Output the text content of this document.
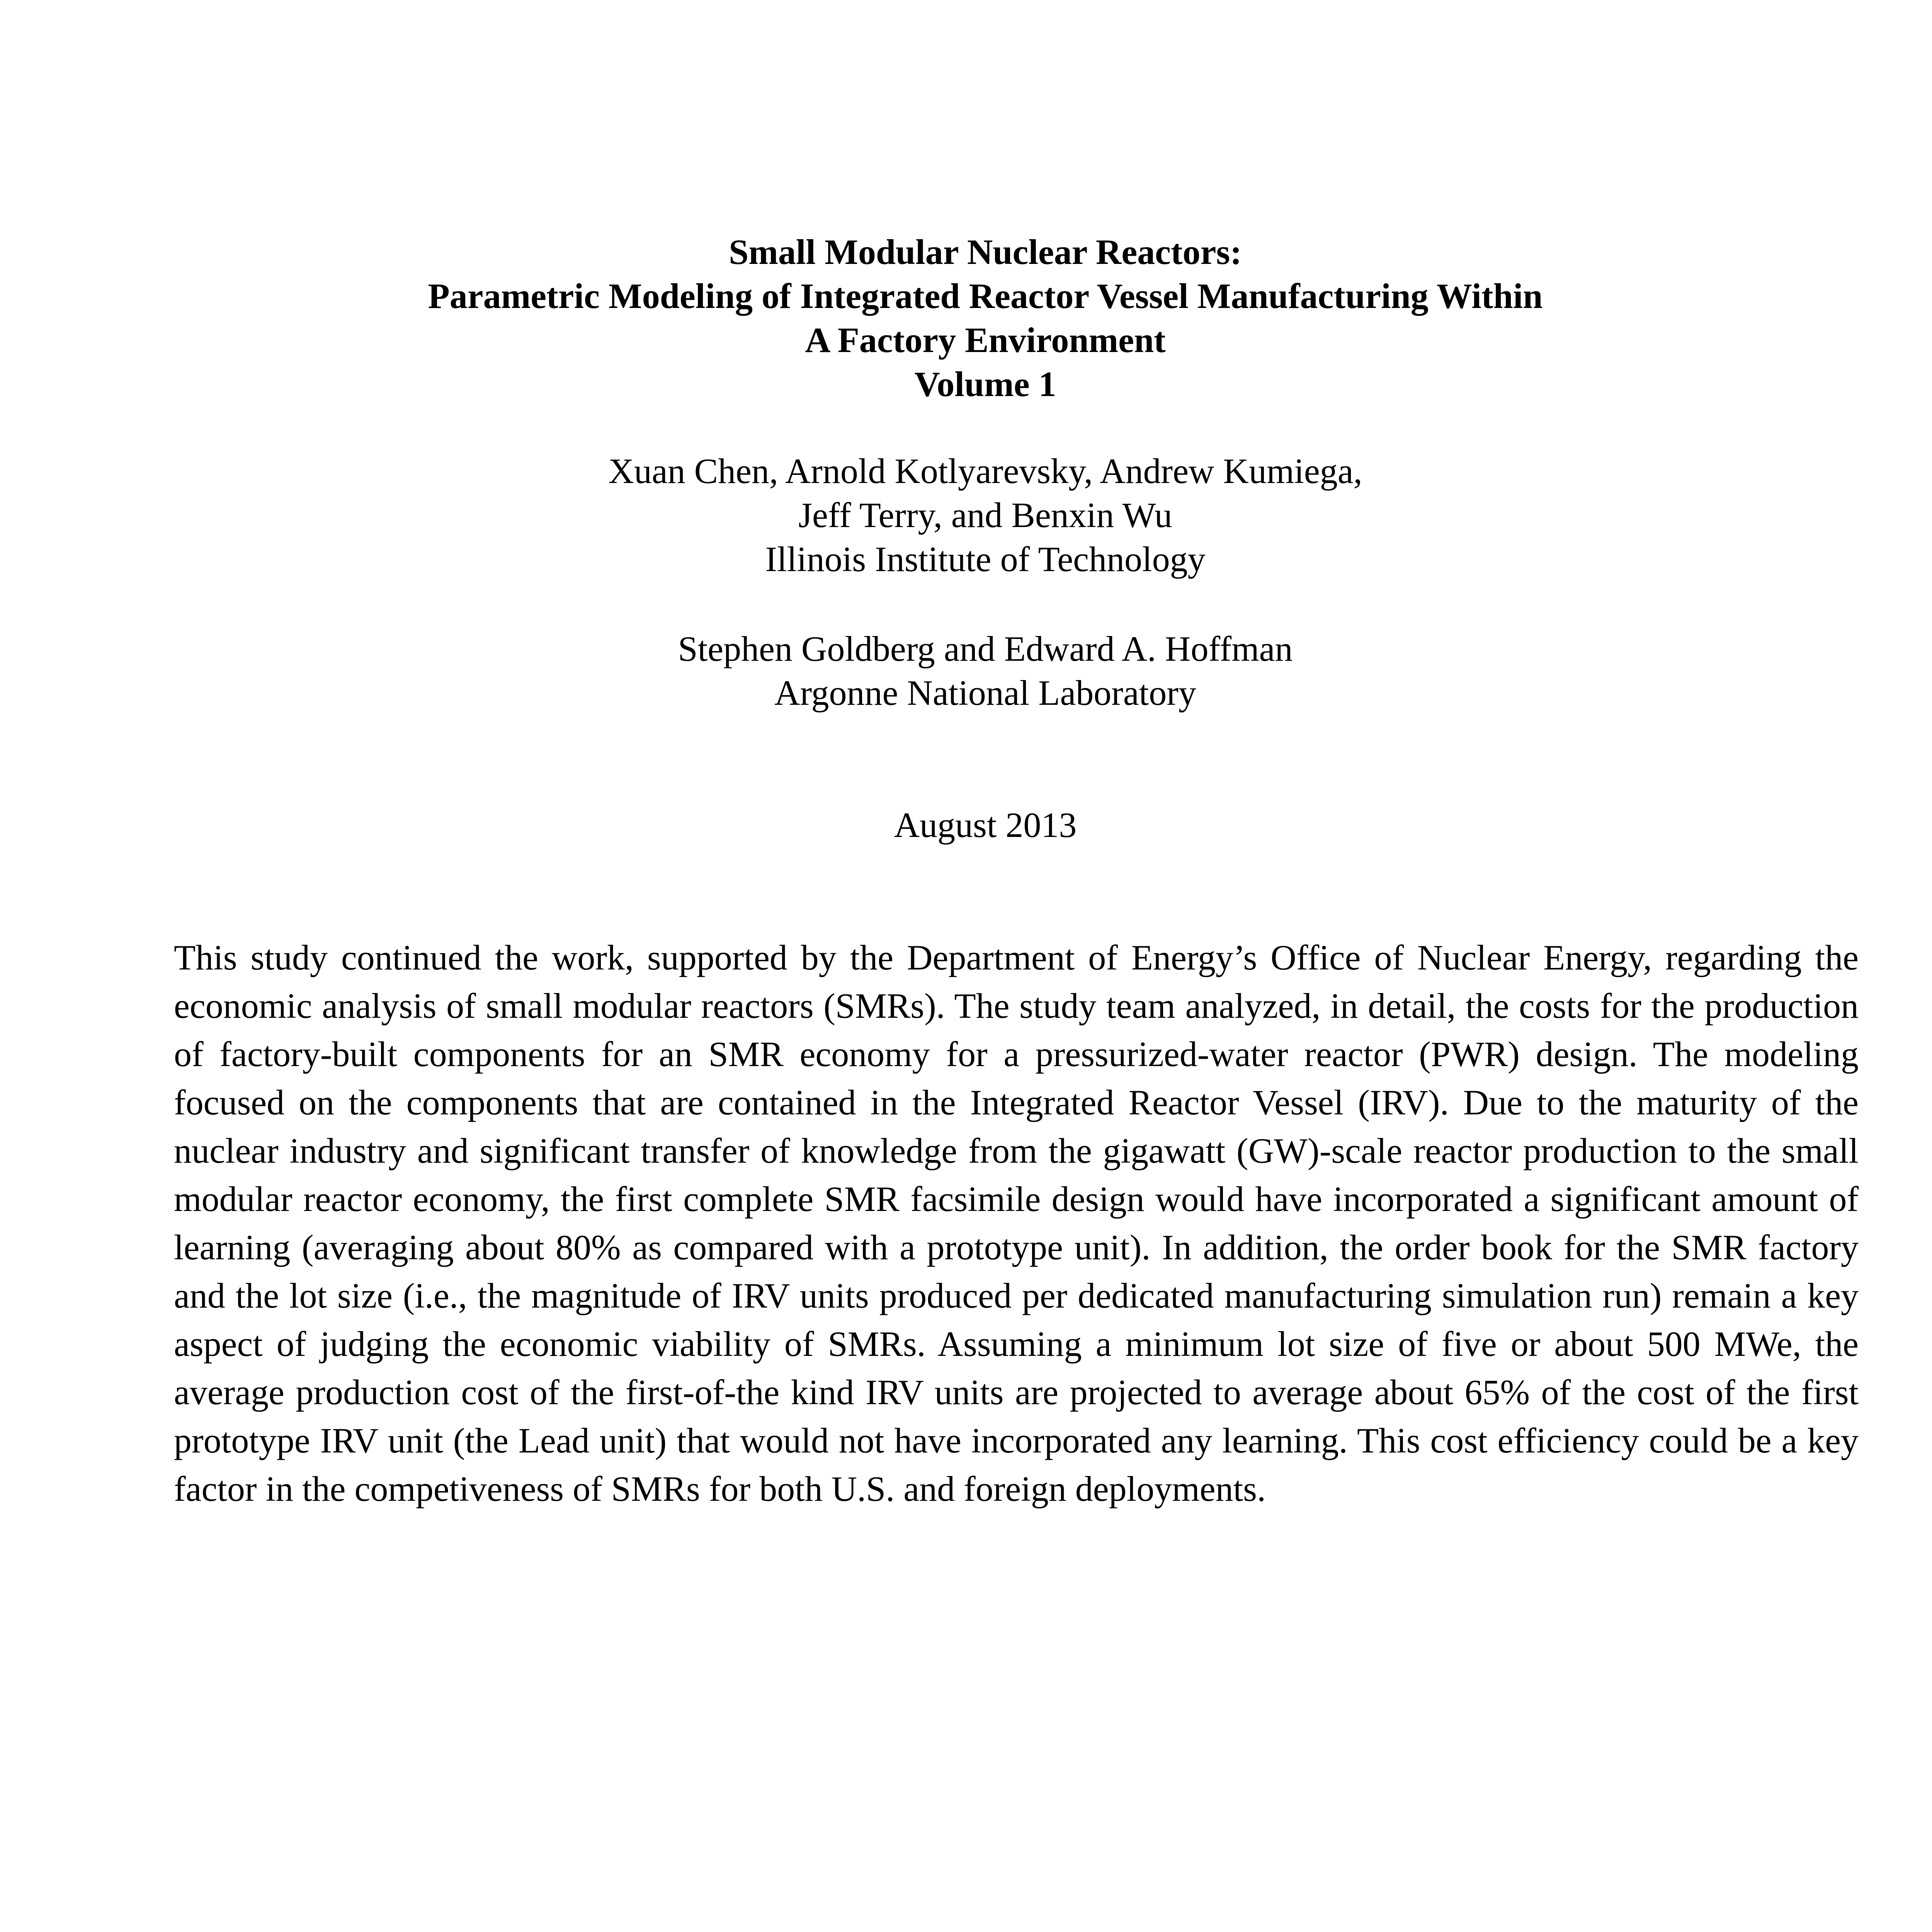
Small Modular Nuclear Reactors:
Parametric Modeling of Integrated Reactor Vessel Manufacturing Within
A Factory Environment
Volume 1
Xuan Chen, Arnold Kotlyarevsky, Andrew Kumiega,
Jeff Terry, and Benxin Wu
Illinois Institute of Technology
Stephen Goldberg and Edward A. Hoffman
Argonne National Laboratory
August 2013

This study continued the work, supported by the Department of Energy’s Office of Nuclear Energy, regarding the economic analysis of small modular reactors (SMRs). The study team analyzed, in detail, the costs for the production of factory-built components for an SMR economy for a pressurized-water reactor (PWR) design. The modeling focused on the components that are contained in the Integrated Reactor Vessel (IRV). Due to the maturity of the nuclear industry and significant transfer of knowledge from the gigawatt (GW)-scale reactor production to the small modular reactor economy, the first complete SMR facsimile design would have incorporated a significant amount of learning (averaging about 80% as compared with a prototype unit). In addition, the order book for the SMR factory and the lot size (i.e., the magnitude of IRV units produced per dedicated manufacturing simulation run) remain a key aspect of judging the economic viability of SMRs. Assuming a minimum lot size of five or about 500 MWe, the average production cost of the first-of-the kind IRV units are projected to average about 65% of the cost of the first prototype IRV unit (the Lead unit) that would not have incorporated any learning. This cost efficiency could be a key factor in the competiveness of SMRs for both U.S. and foreign deployments.
